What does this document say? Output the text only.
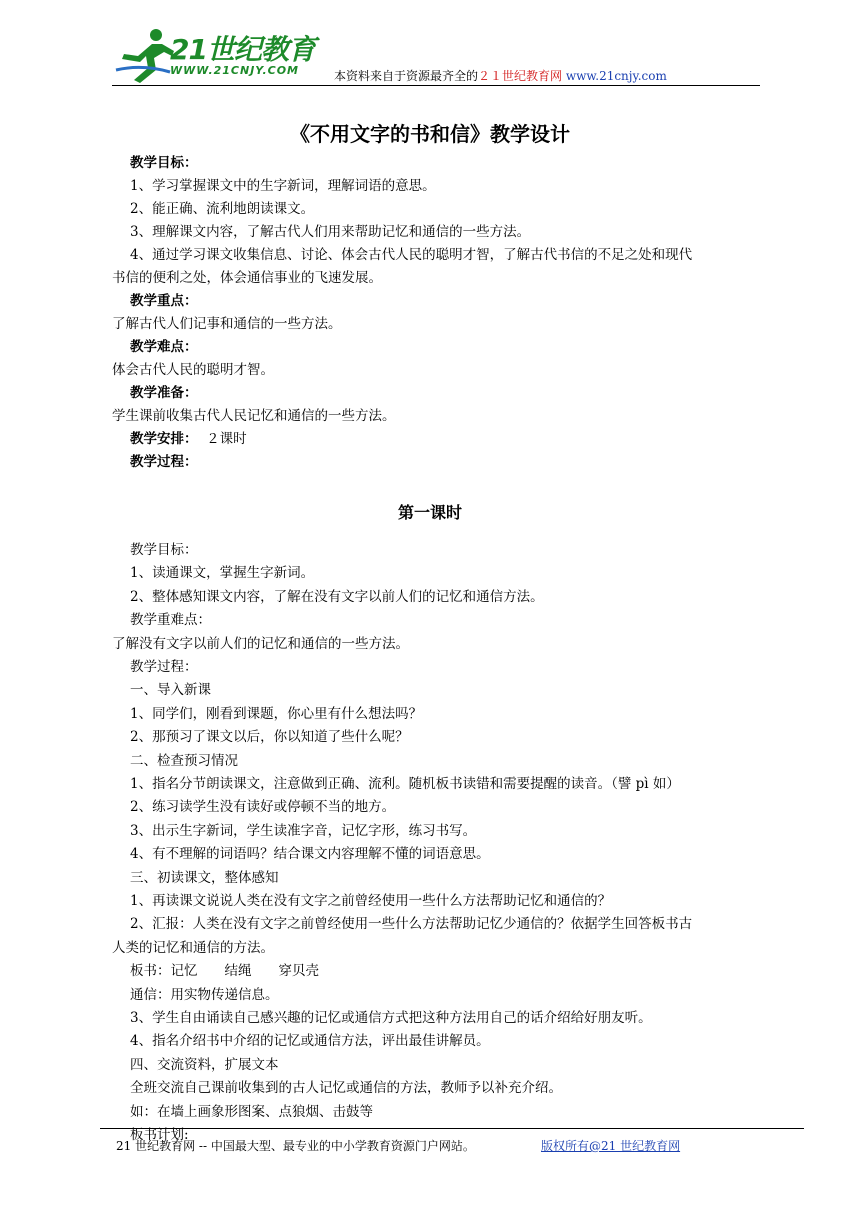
21世纪教育
WWW.21CNJY.COM	本资料来自于资源最齐全的２１世纪教育网 www.21cnjy.com
《不用文字的书和信》教学设计
教学目标：
1、学习掌握课文中的生字新词，理解词语的意思。
2、能正确、流利地朗读课文。
3、理解课文内容，了解古代人们用来帮助记忆和通信的一些方法。
4、通过学习课文收集信息、讨论、体会古代人民的聪明才智，了解古代书信的不足之处和现代
书信的便利之处，体会通信事业的飞速发展。
教学重点：
了解古代人们记事和通信的一些方法。
教学难点：
体会古代人民的聪明才智。
教学准备：
学生课前收集古代人民记忆和通信的一些方法。
教学安排： ２课时
教学过程：
第一课时
教学目标：
1、读通课文，掌握生字新词。
2、整体感知课文内容，了解在没有文字以前人们的记忆和通信方法。
教学重难点：
了解没有文字以前人们的记忆和通信的一些方法。
教学过程：
一、导入新课
1、同学们，刚看到课题，你心里有什么想法吗？
2、那预习了课文以后，你以知道了些什么呢？
二、检查预习情况
1、指名分节朗读课文，注意做到正确、流利。随机板书读错和需要提醒的读音。（譬 pì 如）
2、练习读学生没有读好或停顿不当的地方。
3、出示生字新词，学生读准字音，记忆字形，练习书写。
4、有不理解的词语吗？结合课文内容理解不懂的词语意思。
三、初读课文，整体感知
1、再读课文说说人类在没有文字之前曾经使用一些什么方法帮助记忆和通信的？
2、汇报：人类在没有文字之前曾经使用一些什么方法帮助记忆少通信的？依据学生回答板书古
人类的记忆和通信的方法。
板书：记忆　　结绳　　穿贝壳
通信：用实物传递信息。
3、学生自由诵读自己感兴趣的记忆或通信方式把这种方法用自己的话介绍给好朋友听。
4、指名介绍书中介绍的记忆或通信方法，评出最佳讲解员。
四、交流资料，扩展文本
全班交流自己课前收集到的古人记忆或通信的方法，教师予以补充介绍。
如：在墙上画象形图案、点狼烟、击鼓等
板书计划:
21 世纪教育网 -- 中国最大型、最专业的中小学教育资源门户网站。	版权所有@21 世纪教育网
